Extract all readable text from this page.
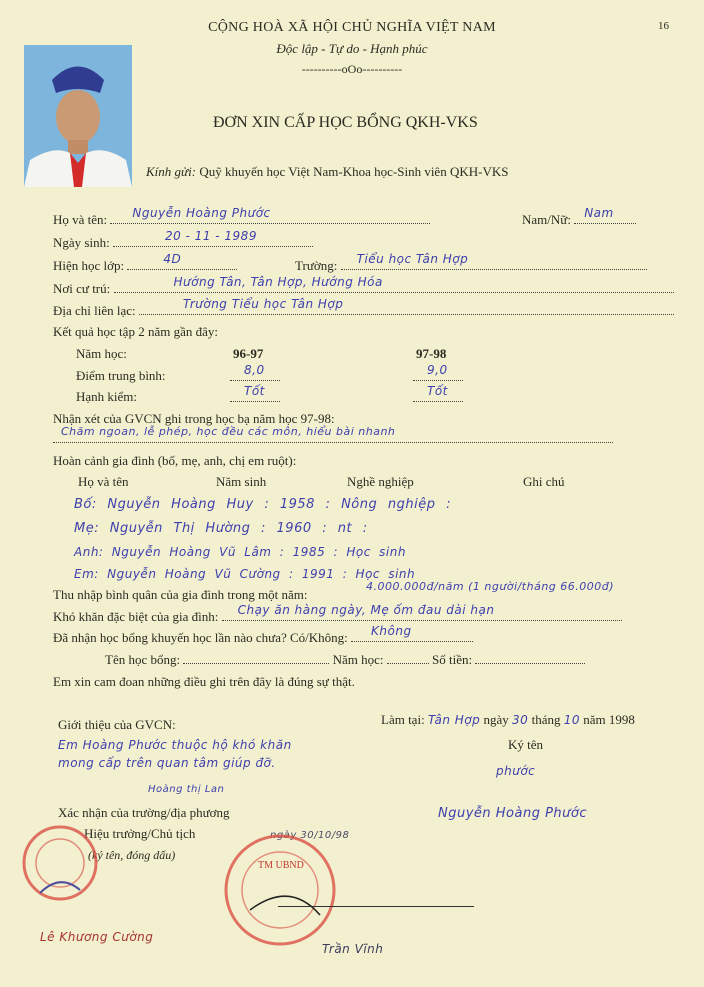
16
CỘNG HOÀ XÃ HỘI CHỦ NGHĨA VIỆT NAM
Độc lập - Tự do - Hạnh phúc
----------oOo----------
ĐƠN XIN CẤP HỌC BỔNG QKH-VKS
Kính gửi: Quỹ khuyến học Việt Nam-Khoa học-Sinh viên QKH-VKS
Họ và tên: Nguyễn Hoàng Phước	Nam/Nữ: Nam
Ngày sinh:	20 - 11 - 1989
Hiện học lớp:	4D	Trường: Tiểu học Tân Hợp
Nơi cư trú:	Hướng Tân, Tân Hợp, Hướng Hóa
Địa chỉ liên lạc:	Trường Tiểu học Tân Hợp
Kết quả học tập 2 năm gần đây:
Năm học:	96-97	97-98
Điểm trung bình:	8,0	9,0
Hạnh kiểm:	Tốt	Tốt
Nhận xét của GVCN ghi trong học bạ năm học 97-98:
Chăm ngoan, lễ phép, học đều các môn, hiểu bài nhanh
Hoàn cảnh gia đình (bố, mẹ, anh, chị em ruột):
Họ và tên	Năm sinh	Nghề nghiệp	Ghi chú
Bố: Nguyễn Hoàng Huy : 1958 : Nông nghiệp :
Mẹ: Nguyễn Thị Hường : 1960 : nt :
Anh: Nguyễn Hoàng Vũ Lâm : 1985 : Học sinh
Em: Nguyễn Hoàng Vũ Cường : 1991 : Học sinh
Thu nhập bình quân của gia đình trong một năm:
4.000.000đ/năm (1 người/tháng 66.000đ)
Khó khăn đặc biệt của gia đình: Chạy ăn hàng ngày, Mẹ ốm đau dài hạn
Đã nhận học bổng khuyến học lần nào chưa? Có/Không: Không
Tên học bổng:	Năm học:	Số tiền:
Em xin cam đoan những điều ghi trên đây là đúng sự thật.
Giới thiệu của GVCN:
Em Hoàng Phước thuộc hộ khó khăn
mong cấp trên quan tâm giúp đỡ.
Hoàng thị Lan
Làm tại: Tân Hợp ngày 30 tháng 10 năm 1998
Ký tên
phước
Nguyễn Hoàng Phước
Xác nhận của trường/địa phương
Hiệu trưởng/Chủ tịch
(ký tên, đóng dấu)
ngày 30/10/98
TM UBND
Trần Vĩnh
Lê Khương Cường
